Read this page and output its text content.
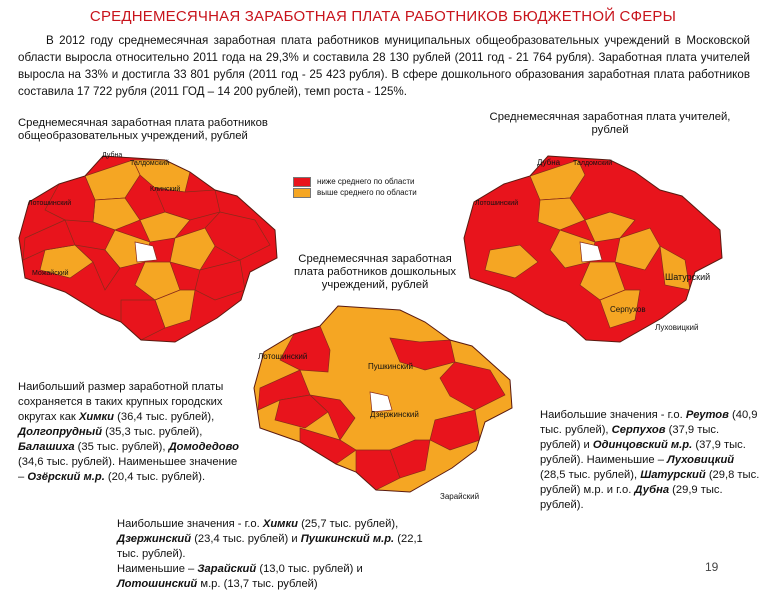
СРЕДНЕМЕСЯЧНАЯ ЗАРАБОТНАЯ ПЛАТА РАБОТНИКОВ БЮДЖЕТНОЙ СФЕРЫ
В 2012 году среднемесячная заработная плата работников муниципальных общеобразовательных учреждений в Московской области выросла относительно 2011 года на 29,3% и составила 28 130 рублей (2011 год - 21 764 рубля). Заработная плата учителей выросла на 33% и достигла 33 801 рубля (2011 год - 25 423 рубля). В сфере дошкольного образования заработная плата работников составила 17 722 рубля (2011 ГОД – 14 200 рублей), темп роста - 125%.
Среднемесячная заработная плата работников общеобразовательных учреждений, рублей
Среднемесячная заработная плата учителей, рублей
Среднемесячная заработная плата работников дошкольных учреждений, рублей
ниже среднего по области
выше среднего по области
Дубна
Талдомский
Клинский
Лотошинский
Можайский
Дубна Талдомский
Лотошинский
Шатурский
Серпухов
Луховицкий
Лотошинский
Пушкинский
Дзержинский
Зарайский
Наибольший размер заработной платы сохраняется в таких крупных городских округах как Химки (36,4 тыс. рублей), Долгопрудный (35,3 тыс. рублей), Балашиха (35 тыс. рублей), Домодедово (34,6 тыс. рублей). Наименьшее значение – Озёрский м.р. (20,4 тыс. рублей).
Наибольшие значения - г.о. Химки (25,7 тыс. рублей), Дзержинский (23,4 тыс. рублей) и Пушкинский м.р. (22,1 тыс. рублей).
Наименьшие – Зарайский (13,0 тыс. рублей) и Лотошинский м.р. (13,7 тыс. рублей)
Наибольшие значения - г.о. Реутов (40,9 тыс. рублей), Серпухов (37,9 тыс. рублей) и Одинцовский м.р. (37,9 тыс. рублей). Наименьшие – Луховицкий (28,5 тыс. рублей), Шатурский (29,8 тыс. рублей) м.р. и г.о. Дубна (29,9 тыс. рублей).
19
